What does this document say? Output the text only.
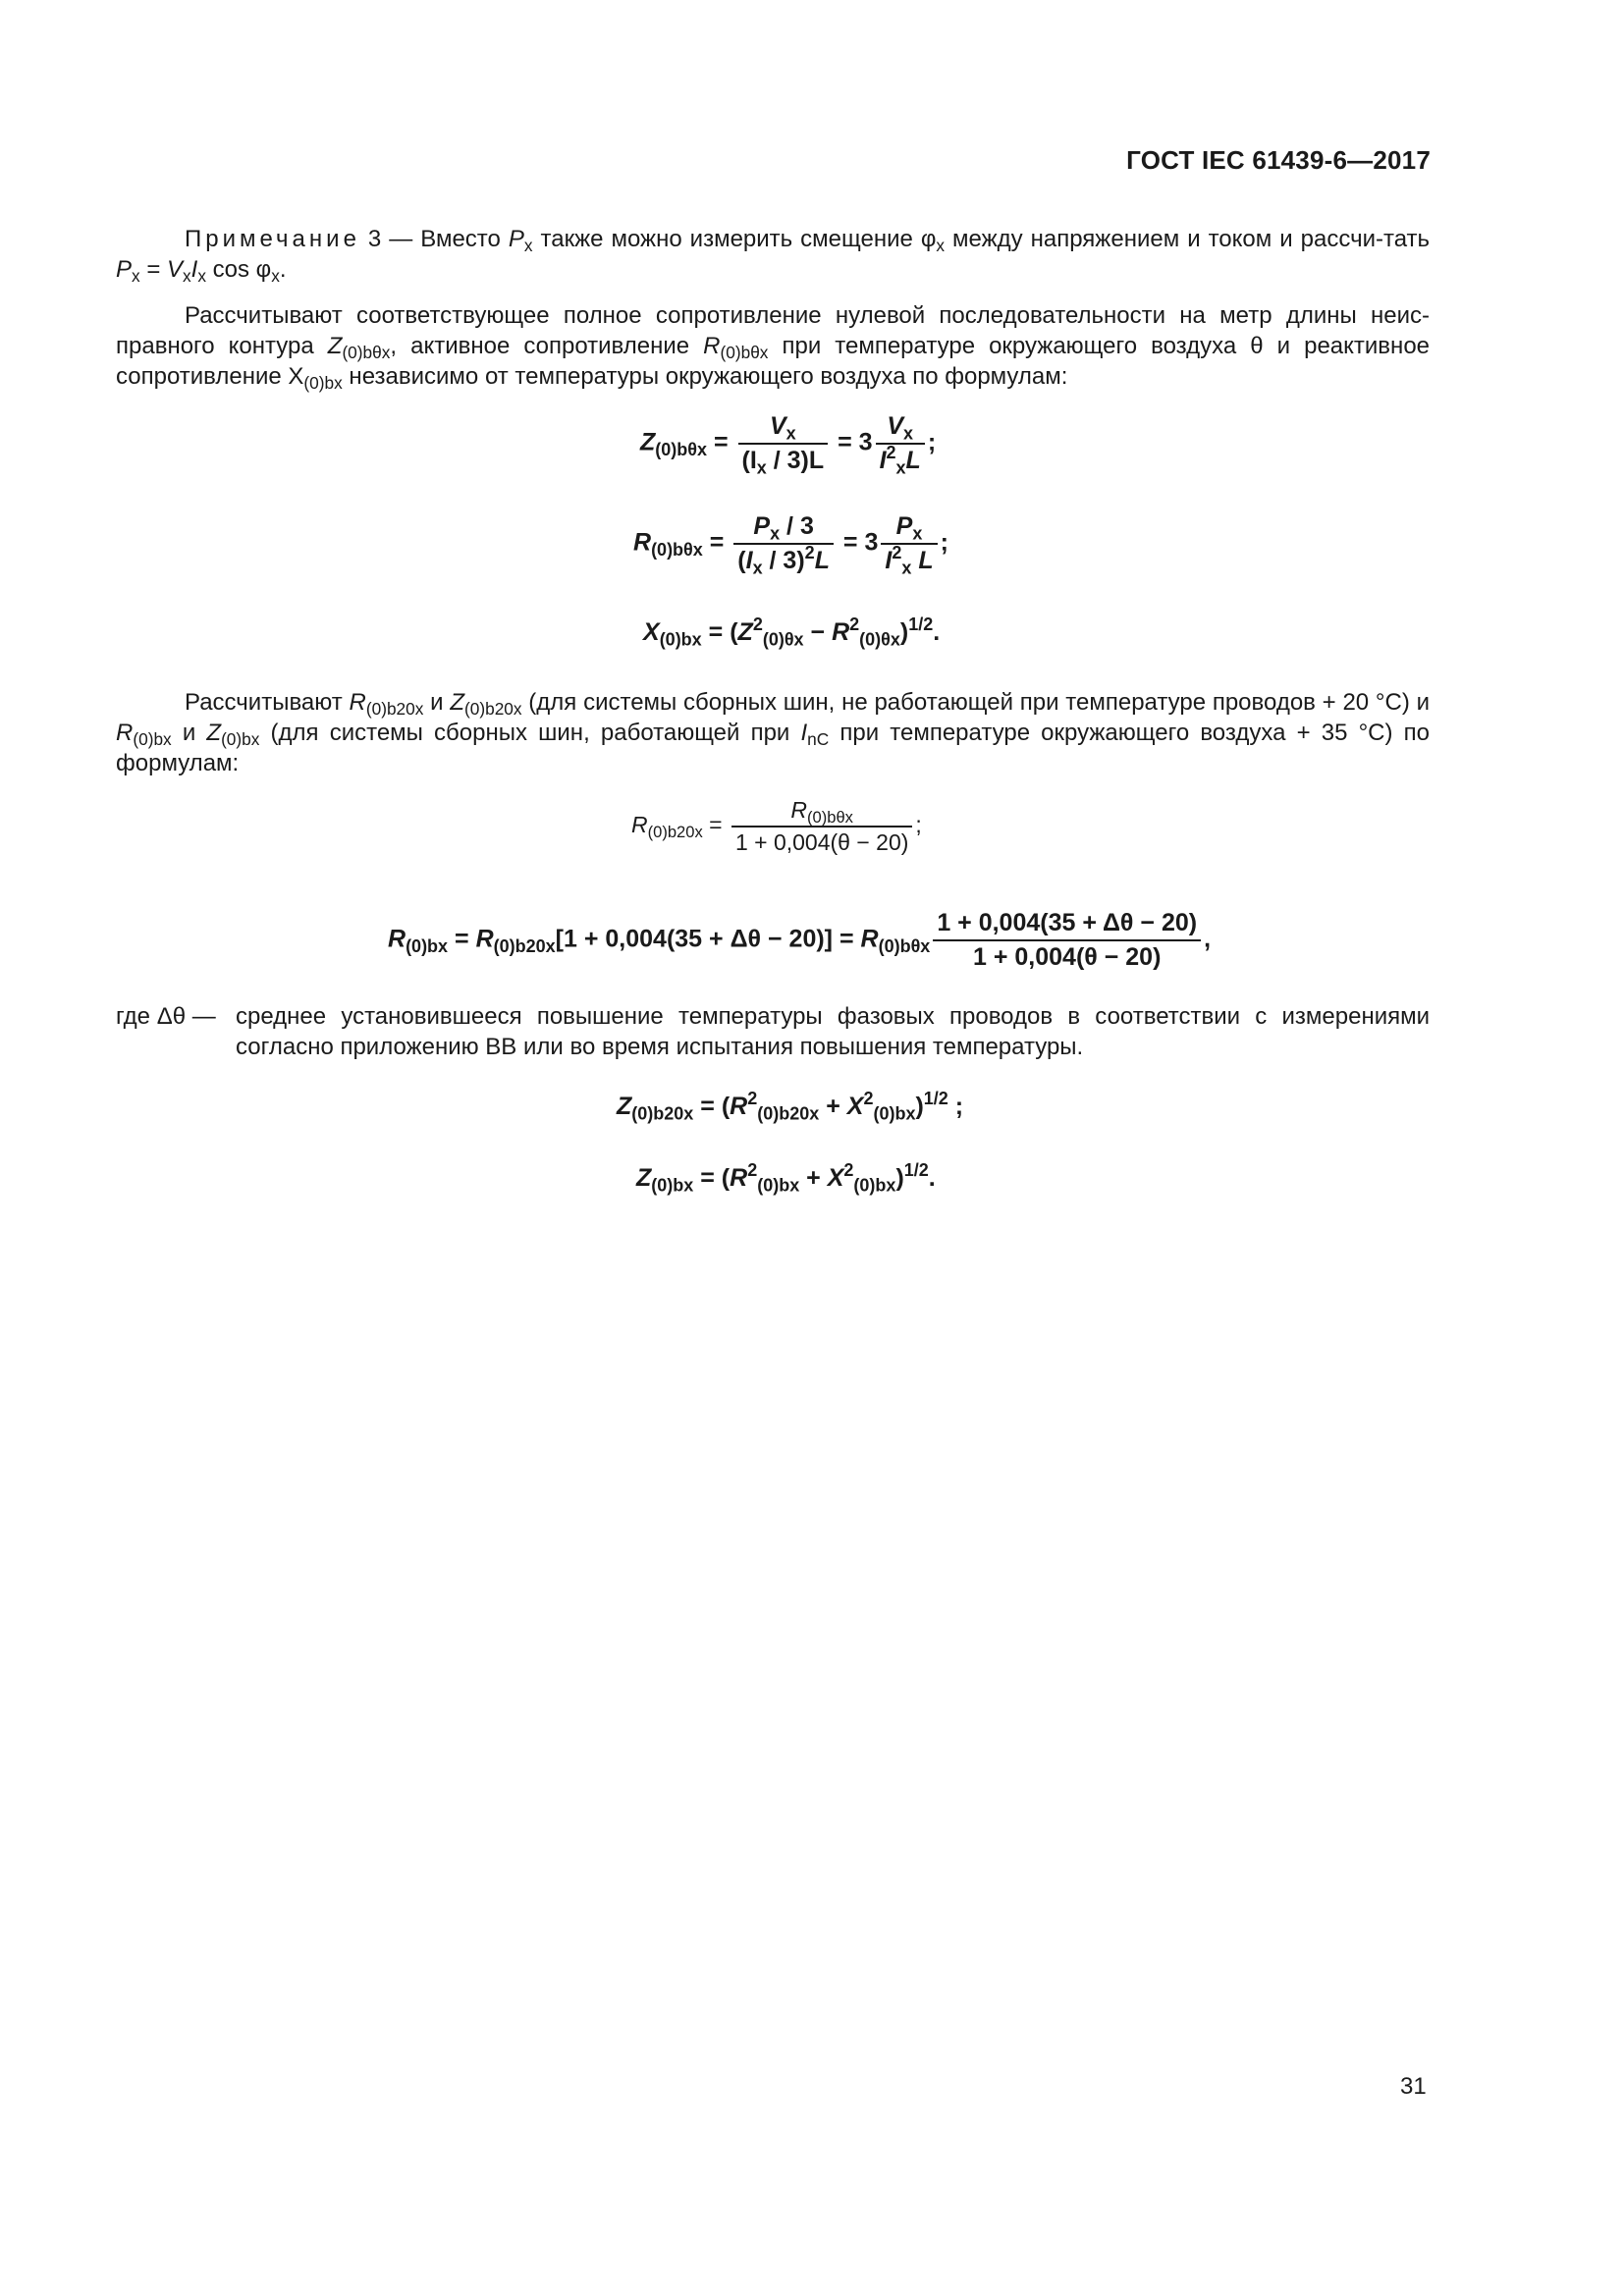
ГОСТ IEC 61439-6—2017
Примечание 3 — Вместо $P_x$ также можно измерить смещение $\varphi_x$ между напряжением и током и рассчи-тать $P_x = V_xI_x$ $\cos \varphi_x$.
Рассчитывают соответствующее полное сопротивление нулевой последовательности на метр длины неис-правного контура $Z_{(0)b\theta x}$, активное сопротивление $R_{(0)b\theta x}$ при температуре окружающего воздуха θ и реактивное сопротивление $X_{(0)bx}$ независимо от температуры окружающего воздуха по формулам:
$Z_{(0)b\theta x} = \frac{V_x}{(I_x / 3)L} = 3 \frac{V_x}{I^2_xL}$ ;
$R_{(0)b\theta x} = \frac{P_x / 3}{(I_x / 3)^2L} = 3 \frac{P_x}{I^2_x L}$ ;
$X_{(0)bx} = (Z^2_{(0)\theta x} - R^2_{(0)\theta x})^{1/2}$.
Рассчитывают $R_{(0)b20x}$ и $Z_{(0)b20x}$ (для системы сборных шин, не работающей при температуре проводов + 20 °C) и $R_{(0)bx}$ и $Z_{(0)bx}$ (для системы сборных шин, работающей при $I_{nC}$ при температуре окружающего воздуха + 35 °C) по формулам:
$R_{(0)b20x} = \frac{R_{(0)b\theta x}}{1 + 0,004(\theta - 20)}$ ;
$R_{(0)bx} = R_{(0)b20x}[1 + 0,004(35 + \Delta\theta - 20)] = R_{(0)b\theta x} \frac{1 + 0,004(35 + \Delta\theta - 20)}{1 + 0,004(\theta - 20)}$ ,
где Δθ — среднее установившееся повышение температуры фазовых проводов в соответствии с измерениями согласно приложению BB или во время испытания повышения температуры.
$Z_{(0)b20x} = (R^2_{(0)b20x} + X^2_{(0)bx})^{1/2}$ ;
$Z_{(0)bx} = (R^2_{(0)bx} + X^2_{(0)bx})^{1/2}$.
31
